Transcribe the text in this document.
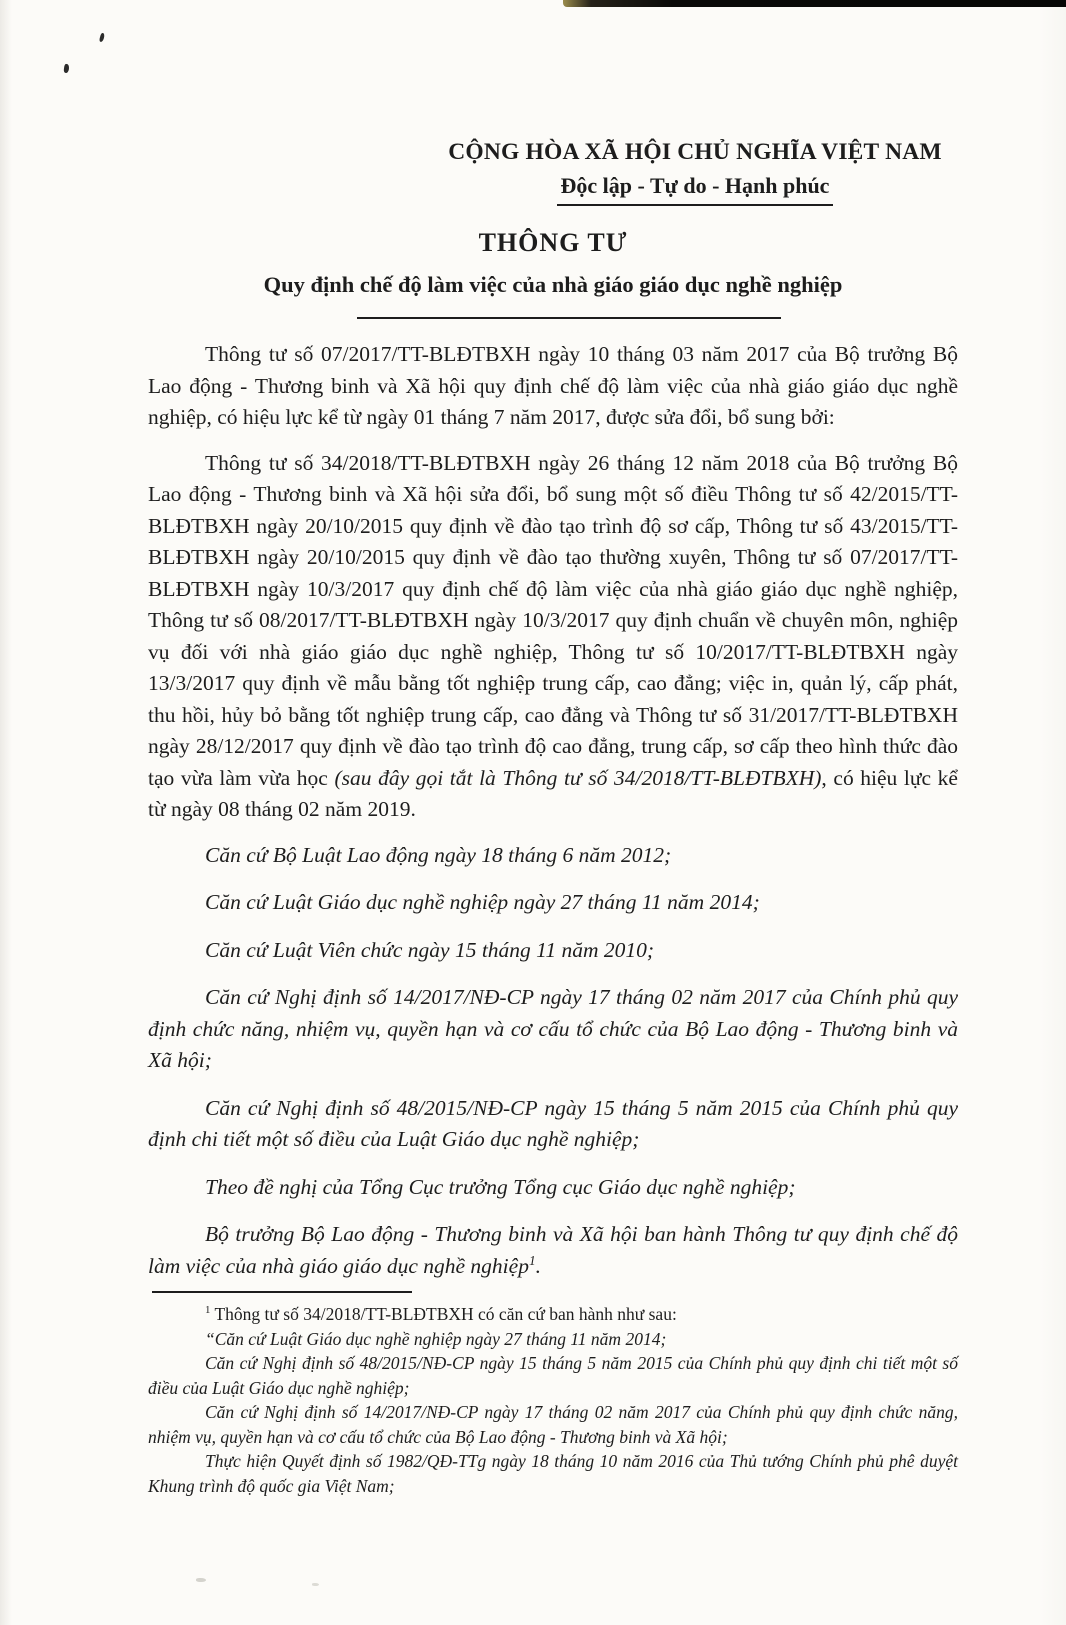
CỘNG HÒA XÃ HỘI CHỦ NGHĨA VIỆT NAM
Độc lập - Tự do - Hạnh phúc
THÔNG TƯ
Quy định chế độ làm việc của nhà giáo giáo dục nghề nghiệp

Thông tư số 07/2017/TT-BLĐTBXH ngày 10 tháng 03 năm 2017 của Bộ trưởng Bộ Lao động - Thương binh và Xã hội quy định chế độ làm việc của nhà giáo giáo dục nghề nghiệp, có hiệu lực kể từ ngày 01 tháng 7 năm 2017, được sửa đổi, bổ sung bởi:

Thông tư số 34/2018/TT-BLĐTBXH ngày 26 tháng 12 năm 2018 của Bộ trưởng Bộ Lao động - Thương binh và Xã hội sửa đổi, bổ sung một số điều Thông tư số 42/2015/TT-BLĐTBXH ngày 20/10/2015 quy định về đào tạo trình độ sơ cấp, Thông tư số 43/2015/TT-BLĐTBXH ngày 20/10/2015 quy định về đào tạo thường xuyên, Thông tư số 07/2017/TT-BLĐTBXH ngày 10/3/2017 quy định chế độ làm việc của nhà giáo giáo dục nghề nghiệp, Thông tư số 08/2017/TT-BLĐTBXH ngày 10/3/2017 quy định chuẩn về chuyên môn, nghiệp vụ đối với nhà giáo giáo dục nghề nghiệp, Thông tư số 10/2017/TT-BLĐTBXH ngày 13/3/2017 quy định về mẫu bằng tốt nghiệp trung cấp, cao đẳng; việc in, quản lý, cấp phát, thu hồi, hủy bỏ bằng tốt nghiệp trung cấp, cao đẳng và Thông tư số 31/2017/TT-BLĐTBXH ngày 28/12/2017 quy định về đào tạo trình độ cao đẳng, trung cấp, sơ cấp theo hình thức đào tạo vừa làm vừa học (sau đây gọi tắt là Thông tư số 34/2018/TT-BLĐTBXH), có hiệu lực kể từ ngày 08 tháng 02 năm 2019.

Căn cứ Bộ Luật Lao động ngày 18 tháng 6 năm 2012;

Căn cứ Luật Giáo dục nghề nghiệp ngày 27 tháng 11 năm 2014;

Căn cứ Luật Viên chức ngày 15 tháng 11 năm 2010;

Căn cứ Nghị định số 14/2017/NĐ-CP ngày 17 tháng 02 năm 2017 của Chính phủ quy định chức năng, nhiệm vụ, quyền hạn và cơ cấu tổ chức của Bộ Lao động - Thương binh và Xã hội;

Căn cứ Nghị định số 48/2015/NĐ-CP ngày 15 tháng 5 năm 2015 của Chính phủ quy định chi tiết một số điều của Luật Giáo dục nghề nghiệp;

Theo đề nghị của Tổng Cục trưởng Tổng cục Giáo dục nghề nghiệp;

Bộ trưởng Bộ Lao động - Thương binh và Xã hội ban hành Thông tư quy định chế độ làm việc của nhà giáo giáo dục nghề nghiệp$^1$.

$^1$ Thông tư số 34/2018/TT-BLĐTBXH có căn cứ ban hành như sau:

“Căn cứ Luật Giáo dục nghề nghiệp ngày 27 tháng 11 năm 2014;

Căn cứ Nghị định số 48/2015/NĐ-CP ngày 15 tháng 5 năm 2015 của Chính phủ quy định chi tiết một số điều của Luật Giáo dục nghề nghiệp;

Căn cứ Nghị định số 14/2017/NĐ-CP ngày 17 tháng 02 năm 2017 của Chính phủ quy định chức năng, nhiệm vụ, quyền hạn và cơ cấu tổ chức của Bộ Lao động - Thương binh và Xã hội;

Thực hiện Quyết định số 1982/QĐ-TTg ngày 18 tháng 10 năm 2016 của Thủ tướng Chính phủ phê duyệt Khung trình độ quốc gia Việt Nam;
